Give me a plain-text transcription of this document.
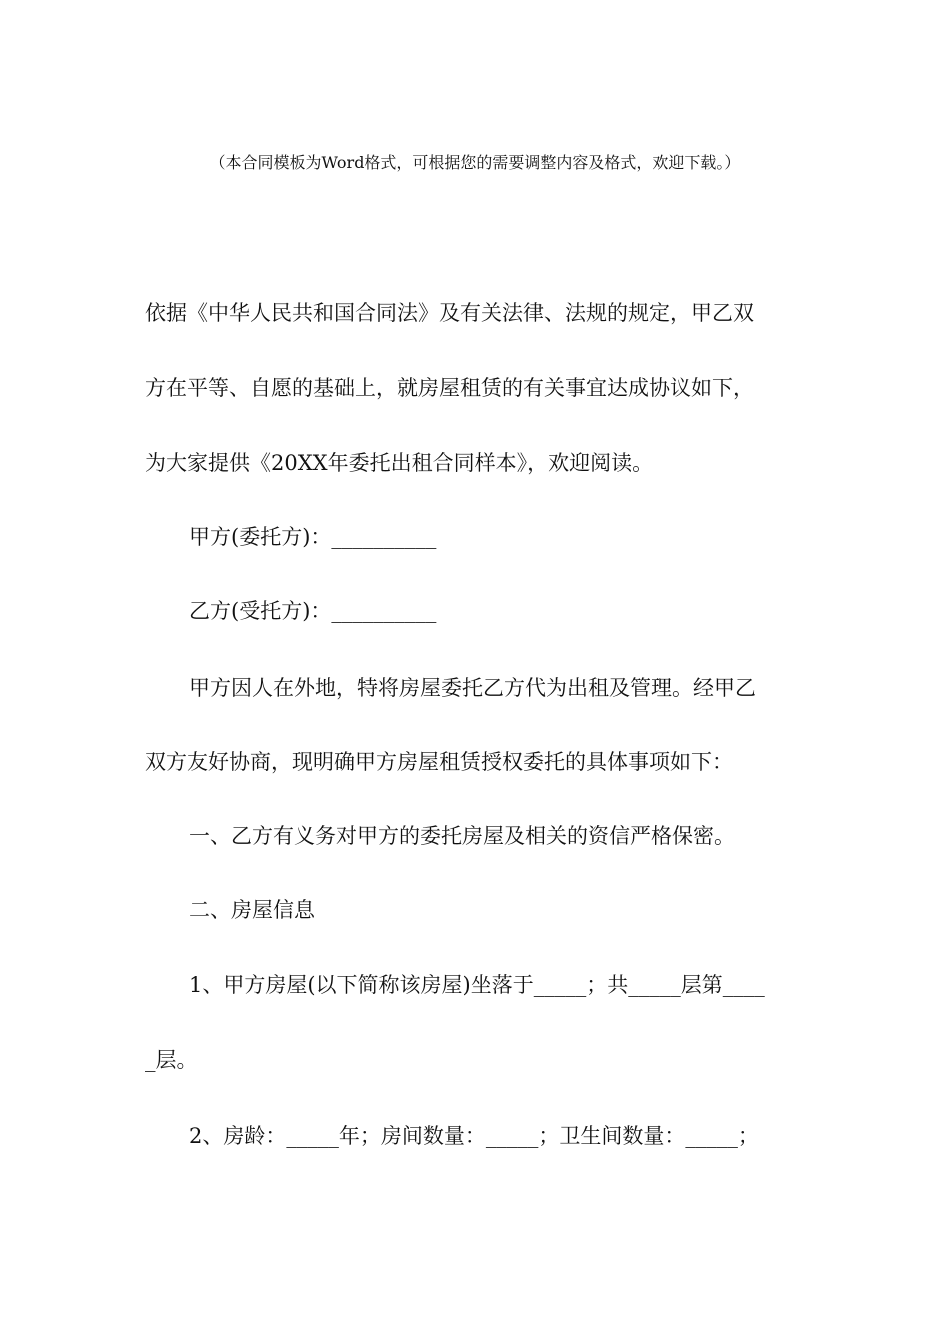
（本合同模板为Word格式，可根据您的需要调整内容及格式，欢迎下载。）
依据《中华人民共和国合同法》及有关法律、法规的规定，甲乙双
方在平等、自愿的基础上，就房屋租赁的有关事宜达成协议如下，
为大家提供《20XX年委托出租合同样本》，欢迎阅读。
甲方(委托方)：__________
乙方(受托方)：__________
甲方因人在外地，特将房屋委托乙方代为出租及管理。经甲乙
双方友好协商，现明确甲方房屋租赁授权委托的具体事项如下：
一、乙方有义务对甲方的委托房屋及相关的资信严格保密。
二、房屋信息
1、甲方房屋(以下简称该房屋)坐落于_____；共_____层第____
_层。
2、房龄：_____年；房间数量：_____；卫生间数量：_____；
